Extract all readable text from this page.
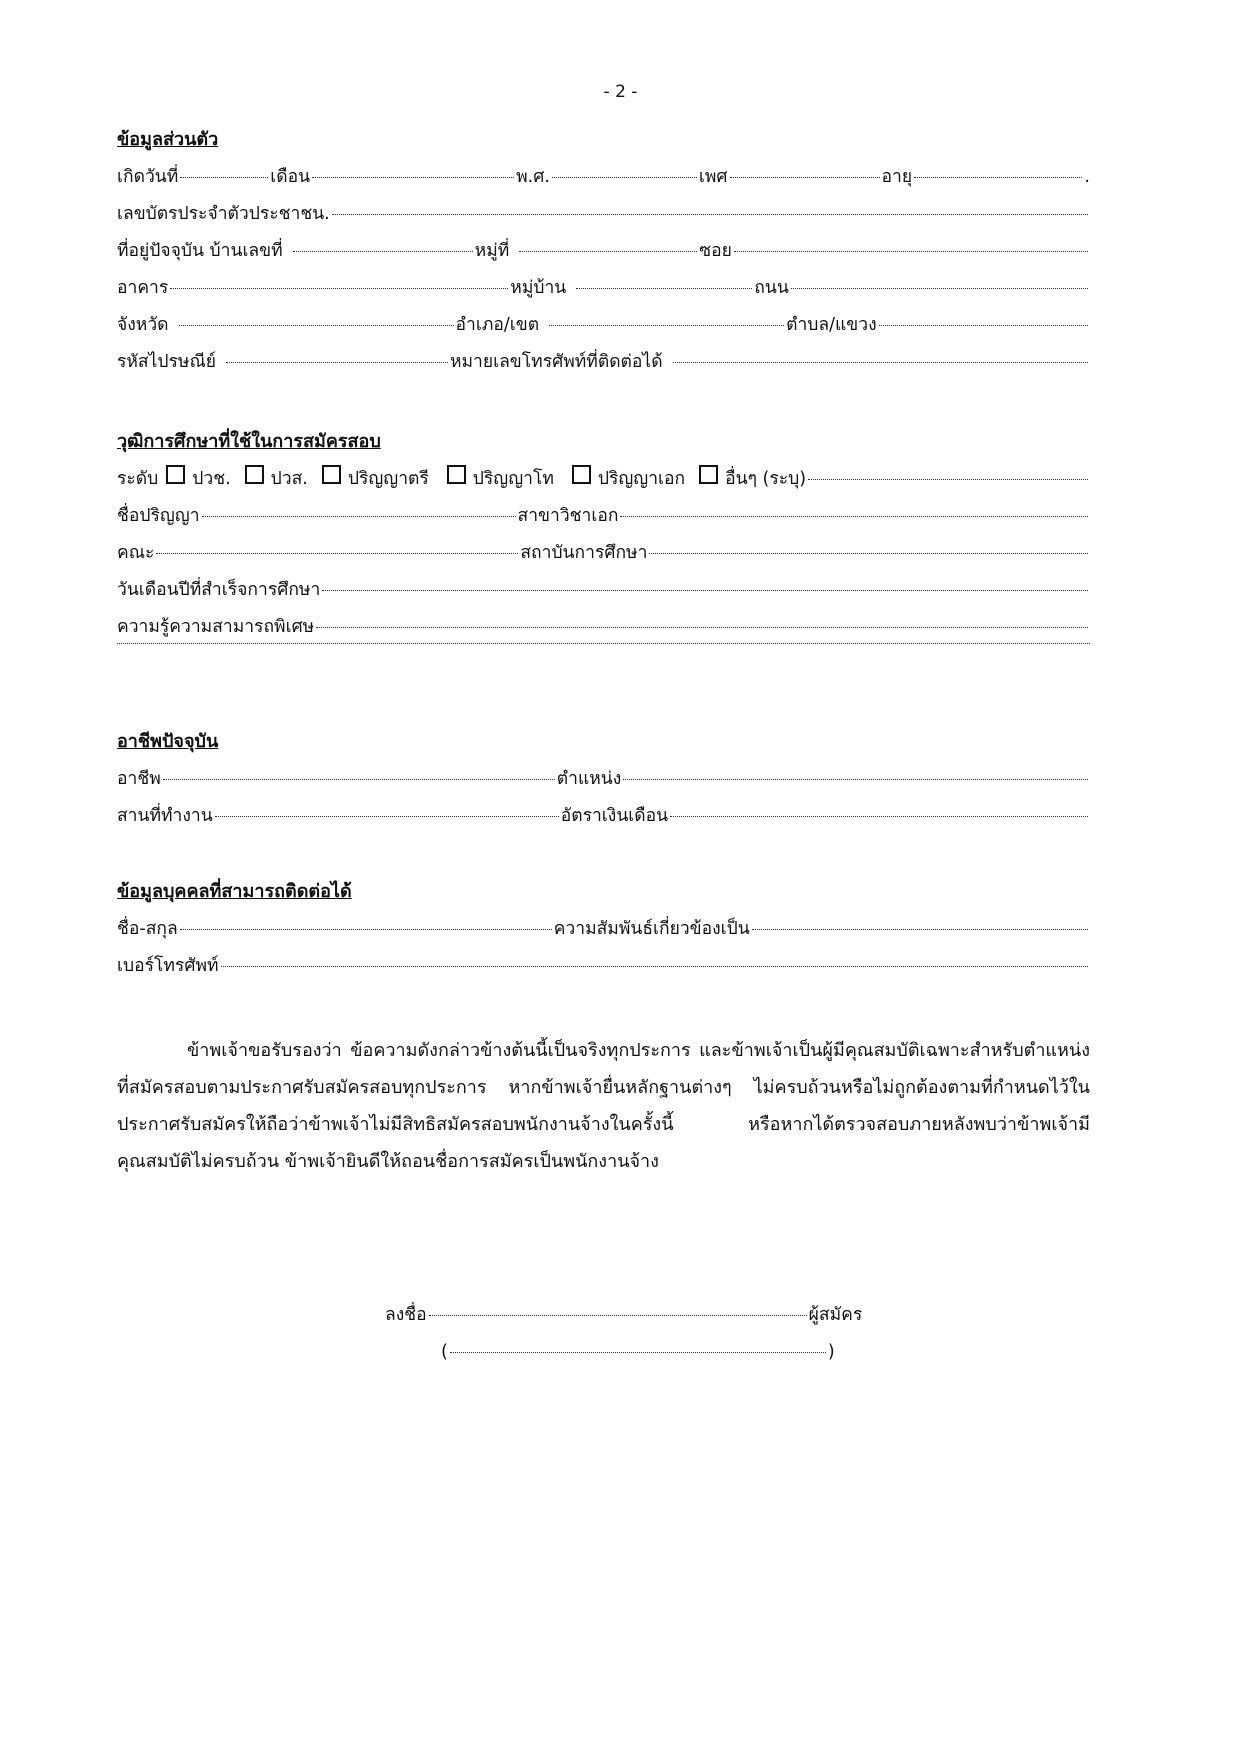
- 2 -
ข้อมูลส่วนตัว
เกิดวันที่	เดือน	พ.ศ.	เพศ	อายุ	.
เลขบัตรประจำตัวประชาชน.
ที่อยู่ปัจจุบัน บ้านเลขที่	หมู่ที่	ซอย
อาคาร	หมู่บ้าน	ถนน
จังหวัด	อำเภอ/เขต	ตำบล/แขวง
รหัสไปรษณีย์	หมายเลขโทรศัพท์ที่ติดต่อได้
วุฒิการศึกษาที่ใช้ในการสมัครสอบ
ระดับ ปวช. ปวส. ปริญญาตรี	ปริญญาโท	ปริญญาเอก อื่นๆ (ระบุ)
ชื่อปริญญา	สาขาวิชาเอก
คณะ	สถาบันการศึกษา
วันเดือนปีที่สำเร็จการศึกษา
ความรู้ความสามารถพิเศษ
อาชีพปัจจุบัน
อาชีพ	ตำแหน่ง
สานที่ทำงาน	อัตราเงินเดือน
ข้อมูลบุคคลที่สามารถติดต่อได้
ชื่อ-สกุล	ความสัมพันธ์เกี่ยวข้องเป็น
เบอร์โทรศัพท์

ข้าพเจ้าขอรับรองว่า ข้อความดังกล่าวข้างต้นนี้เป็นจริงทุกประการ และข้าพเจ้าเป็นผู้มีคุณสมบัติเฉพาะสำหรับตำแหน่งที่สมัครสอบตามประกาศรับสมัครสอบทุกประการ หากข้าพเจ้ายื่นหลักฐานต่างๆ ไม่ครบถ้วนหรือไม่ถูกต้องตามที่กำหนดไว้ในประกาศรับสมัครให้ถือว่าข้าพเจ้าไม่มีสิทธิสมัครสอบพนักงานจ้างในครั้งนี้ หรือหากได้ตรวจสอบภายหลังพบว่าข้าพเจ้ามีคุณสมบัติไม่ครบถ้วน ข้าพเจ้ายินดีให้ถอนชื่อการสมัครเป็นพนักงานจ้าง

ลงชื่อ	ผู้สมัคร
(	)
